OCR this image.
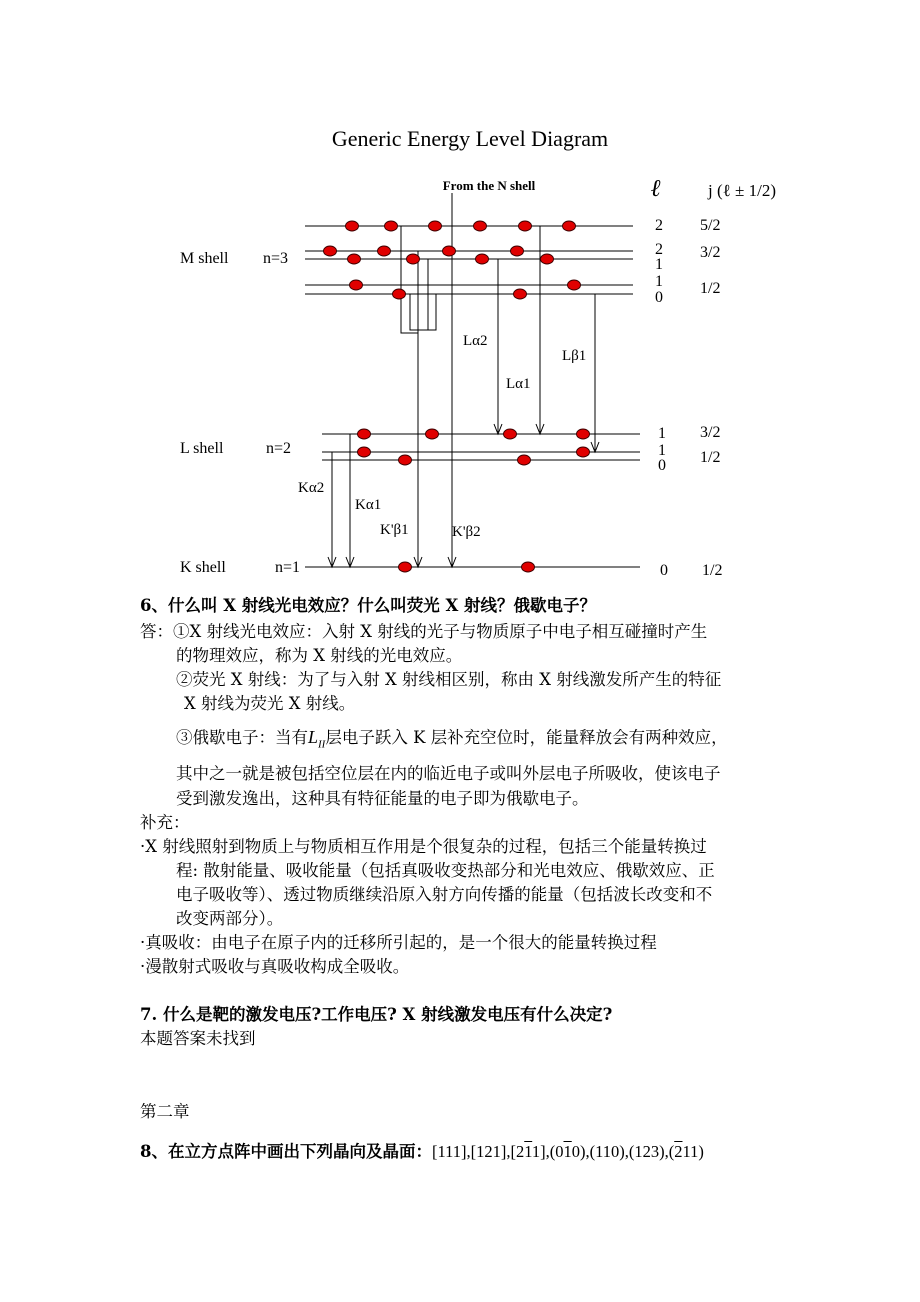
Generic Energy Level Diagram
From the N shell	ℓ	j (ℓ ± 1/2)
M shell n=3
L shell	n=2
K shell	n=1
2 5/2
2 3/2
1
1 1/2
0
1 3/2
1 1/2
0
0 1/2
Lα2
Lα1
Lβ1
Kα2
Kα1
K'β1	K'β2
6、什么叫 X 射线光电效应？什么叫荧光 X 射线？俄歇电子？
答：①X 射线光电效应：入射 X 射线的光子与物质原子中电子相互碰撞时产生
的物理效应，称为 X 射线的光电效应。
②荧光 X 射线：为了与入射 X 射线相区别，称由 X 射线激发所产生的特征
X 射线为荧光 X 射线。
③俄歇电子：当有$L_{II}$层电子跃入 K 层补充空位时，能量释放会有两种效应，
其中之一就是被包括空位层在内的临近电子或叫外层电子所吸收，使该电子
受到激发逸出，这种具有特征能量的电子即为俄歇电子。
补充：
·X 射线照射到物质上与物质相互作用是个很复杂的过程，包括三个能量转换过
程: 散射能量、吸收能量（包括真吸收变热部分和光电效应、俄歇效应、正
电子吸收等）、透过物质继续沿原入射方向传播的能量（包括波长改变和不
改变两部分）。
·真吸收：由电子在原子内的迁移所引起的，是一个很大的能量转换过程
·漫散射式吸收与真吸收构成全吸收。
7. 什么是靶的激发电压?工作电压? X 射线激发电压有什么决定?
本题答案未找到
第二章
8、在立方点阵中画出下列晶向及晶面：[111],[121],[211],(010),(110),(123),(211)
